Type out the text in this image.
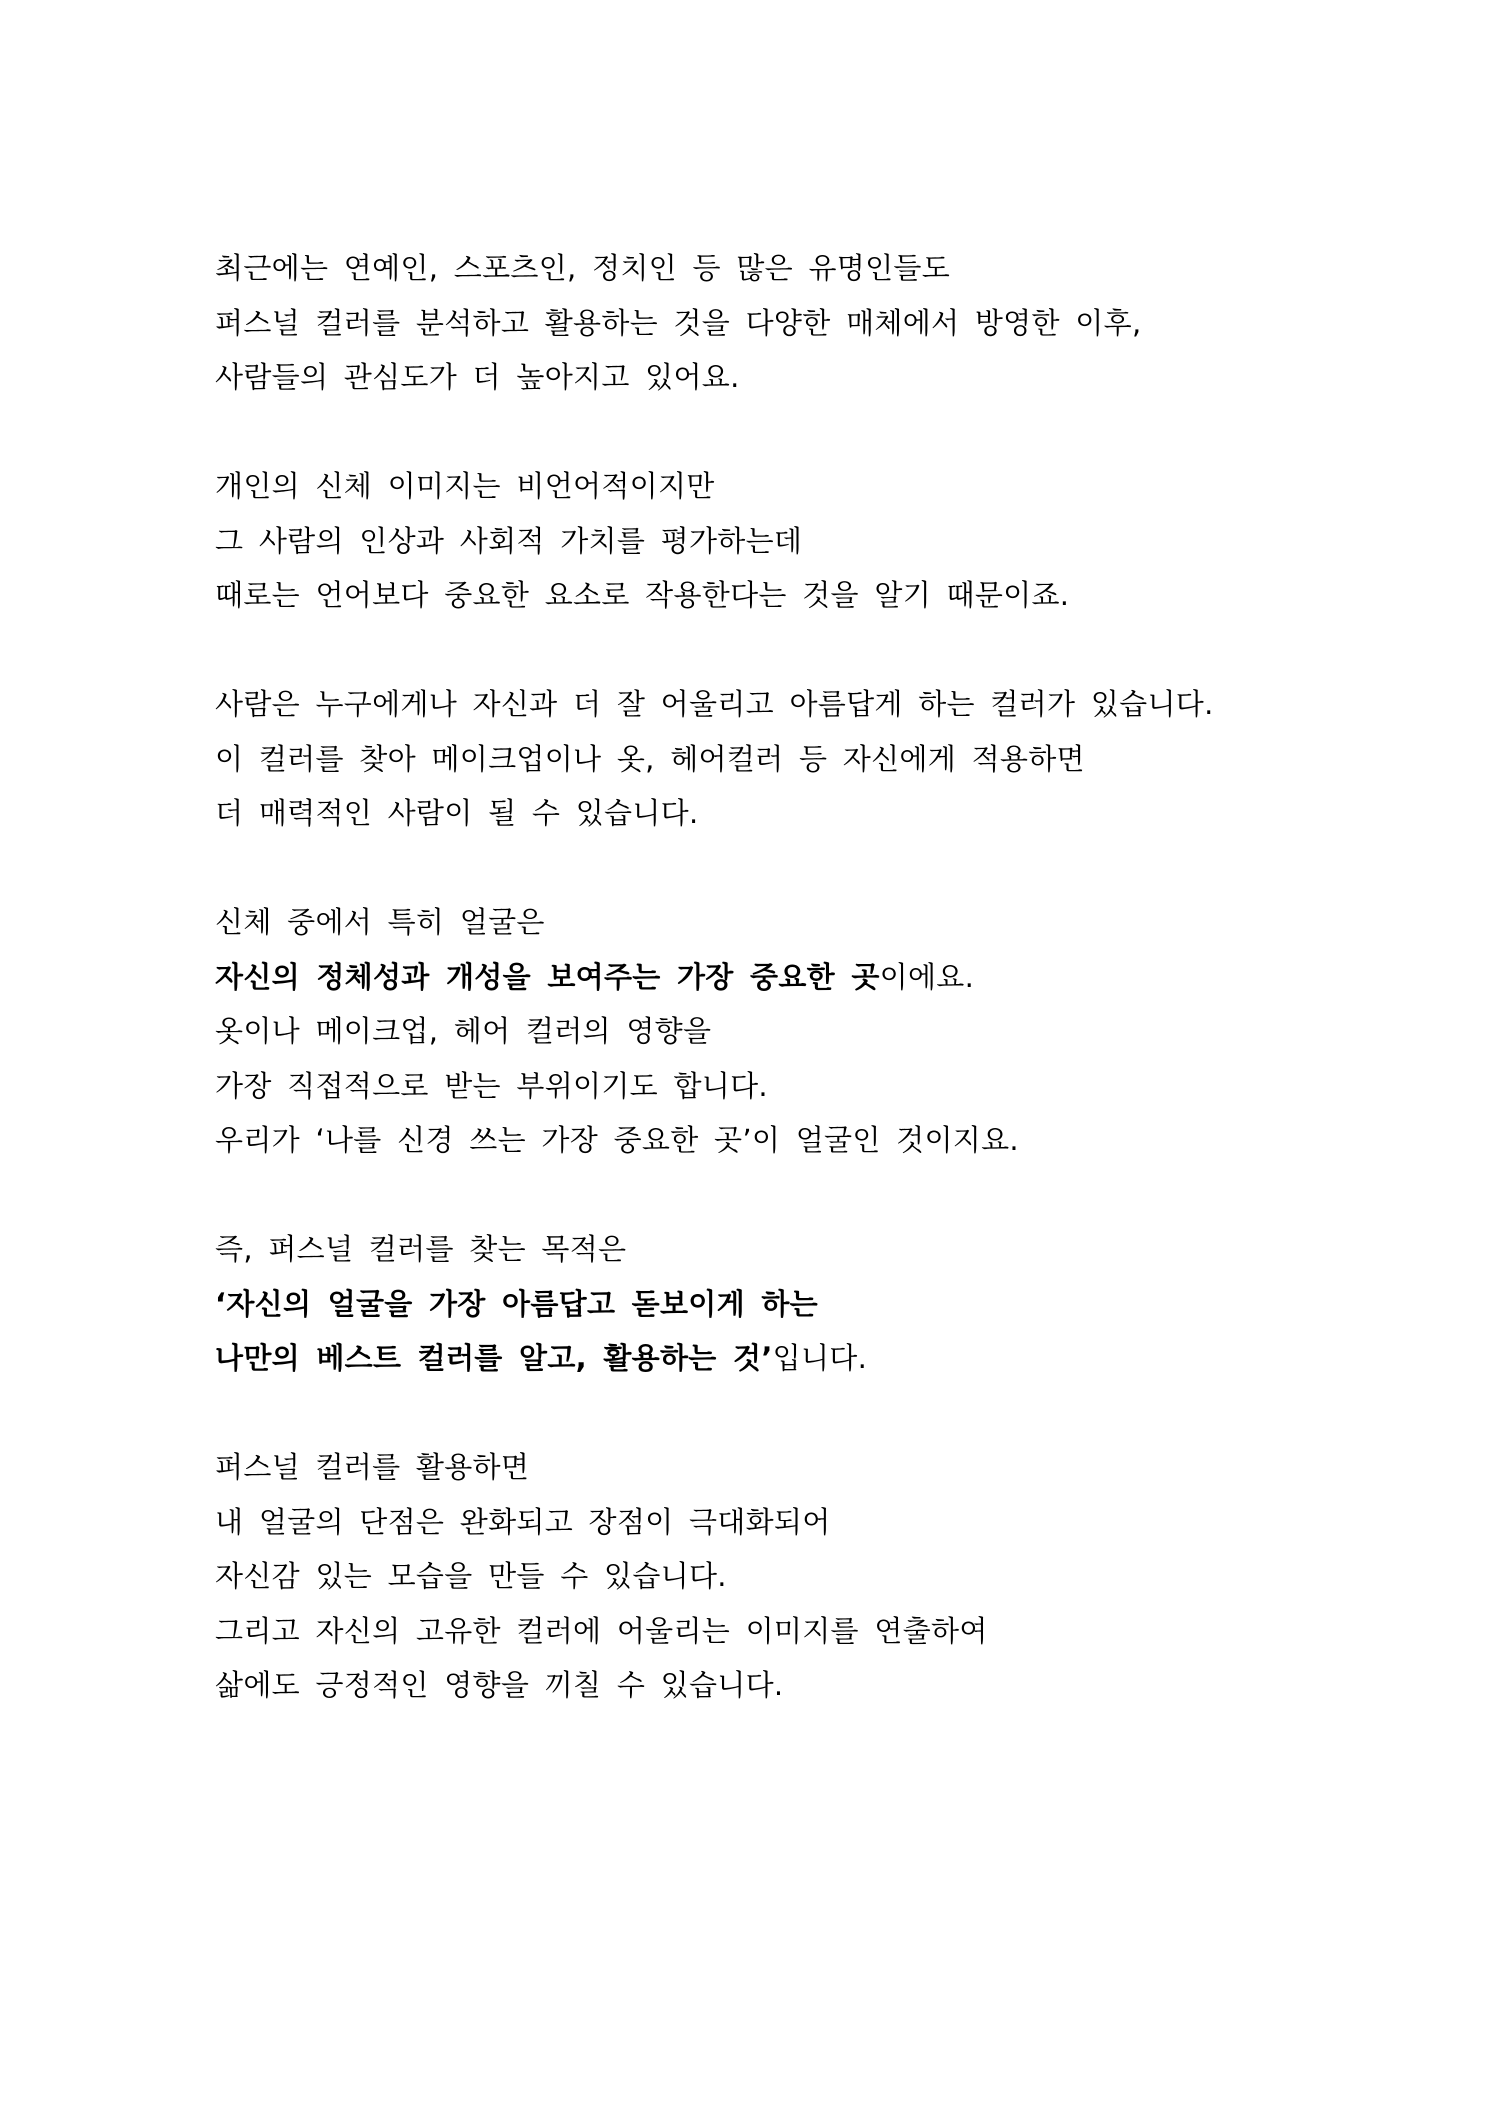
최근에는 연예인, 스포츠인, 정치인 등 많은 유명인들도
퍼스널 컬러를 분석하고 활용하는 것을 다양한 매체에서 방영한 이후,
사람들의 관심도가 더 높아지고 있어요.
개인의 신체 이미지는 비언어적이지만
그 사람의 인상과 사회적 가치를 평가하는데
때로는 언어보다 중요한 요소로 작용한다는 것을 알기 때문이죠.
사람은 누구에게나 자신과 더 잘 어울리고 아름답게 하는 컬러가 있습니다.
이 컬러를 찾아 메이크업이나 옷, 헤어컬러 등 자신에게 적용하면
더 매력적인 사람이 될 수 있습니다.
신체 중에서 특히 얼굴은
자신의 정체성과 개성을 보여주는 가장 중요한 곳이에요.
옷이나 메이크업, 헤어 컬러의 영향을
가장 직접적으로 받는 부위이기도 합니다.
우리가 ‘나를 신경 쓰는 가장 중요한 곳’이 얼굴인 것이지요.
즉, 퍼스널 컬러를 찾는 목적은
‘자신의 얼굴을 가장 아름답고 돋보이게 하는
나만의 베스트 컬러를 알고, 활용하는 것’입니다.
퍼스널 컬러를 활용하면
내 얼굴의 단점은 완화되고 장점이 극대화되어
자신감 있는 모습을 만들 수 있습니다.
그리고 자신의 고유한 컬러에 어울리는 이미지를 연출하여
삶에도 긍정적인 영향을 끼칠 수 있습니다.
